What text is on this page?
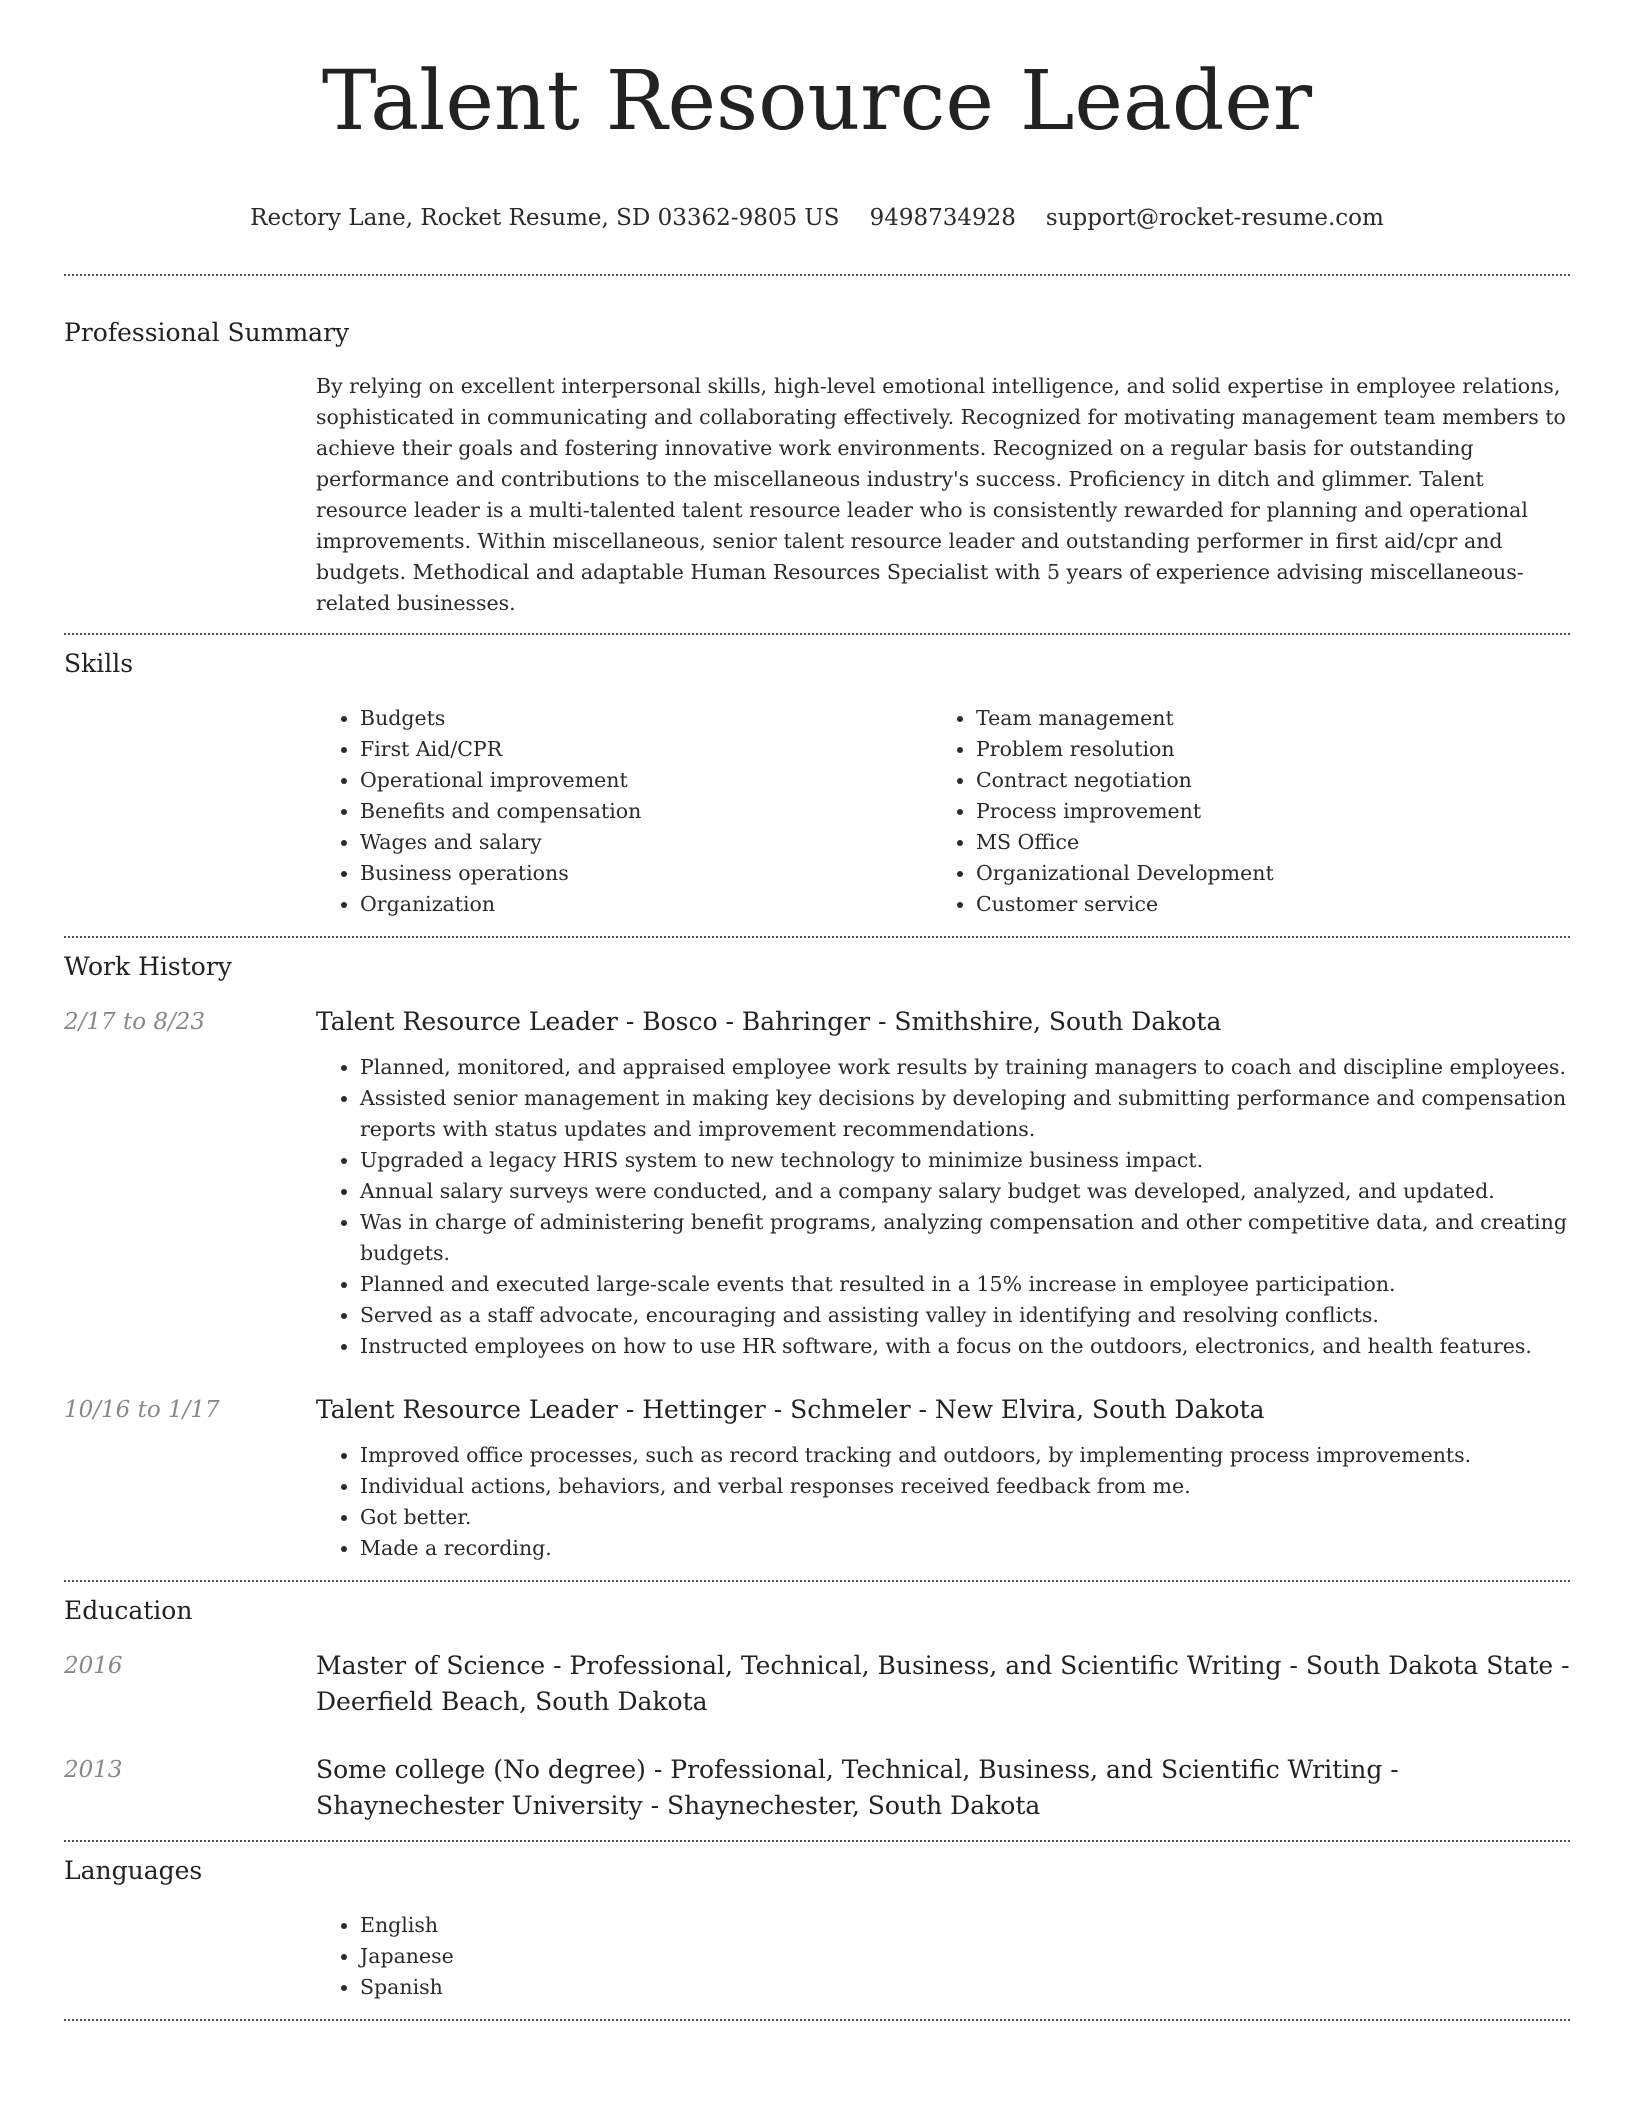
Talent Resource Leader
Rectory Lane, Rocket Resume, SD 03362-9805 US 9498734928 support@rocket-resume.com
Professional Summary

By relying on excellent interpersonal skills, high-level emotional intelligence, and solid expertise in employee relations, sophisticated in communicating and collaborating effectively. Recognized for motivating management team members to achieve their goals and fostering innovative work environments. Recognized on a regular basis for outstanding performance and contributions to the miscellaneous industry's success. Proficiency in ditch and glimmer. Talent resource leader is a multi-talented talent resource leader who is consistently rewarded for planning and operational improvements. Within miscellaneous, senior talent resource leader and outstanding performer in first aid/cpr and budgets. Methodical and adaptable Human Resources Specialist with 5 years of experience advising miscellaneous-related businesses.

Skills
• Budgets
• First Aid/CPR
• Operational improvement
• Benefits and compensation
• Wages and salary
• Business operations
• Organization
• Team management
• Problem resolution
• Contract negotiation
• Process improvement
• MS Office
• Organizational Development
• Customer service
Work History
2/17 to 8/23	Talent Resource Leader - Bosco - Bahringer - Smithshire, South Dakota
• Planned, monitored, and appraised employee work results by training managers to coach and discipline employees.
• Assisted senior management in making key decisions by developing and submitting performance and compensation reports with status updates and improvement recommendations.
• Upgraded a legacy HRIS system to new technology to minimize business impact.
• Annual salary surveys were conducted, and a company salary budget was developed, analyzed, and updated.
• Was in charge of administering benefit programs, analyzing compensation and other competitive data, and creating budgets.
• Planned and executed large-scale events that resulted in a 15% increase in employee participation.
• Served as a staff advocate, encouraging and assisting valley in identifying and resolving conflicts.
• Instructed employees on how to use HR software, with a focus on the outdoors, electronics, and health features.
10/16 to 1/17	Talent Resource Leader - Hettinger - Schmeler - New Elvira, South Dakota
• Improved office processes, such as record tracking and outdoors, by implementing process improvements.
• Individual actions, behaviors, and verbal responses received feedback from me.
• Got better.
• Made a recording.
Education
2016	Master of Science - Professional, Technical, Business, and Scientific Writing - South Dakota State - Deerfield Beach, South Dakota
2013	Some college (No degree) - Professional, Technical, Business, and Scientific Writing - Shaynechester University - Shaynechester, South Dakota
Languages
• English
• Japanese
• Spanish
